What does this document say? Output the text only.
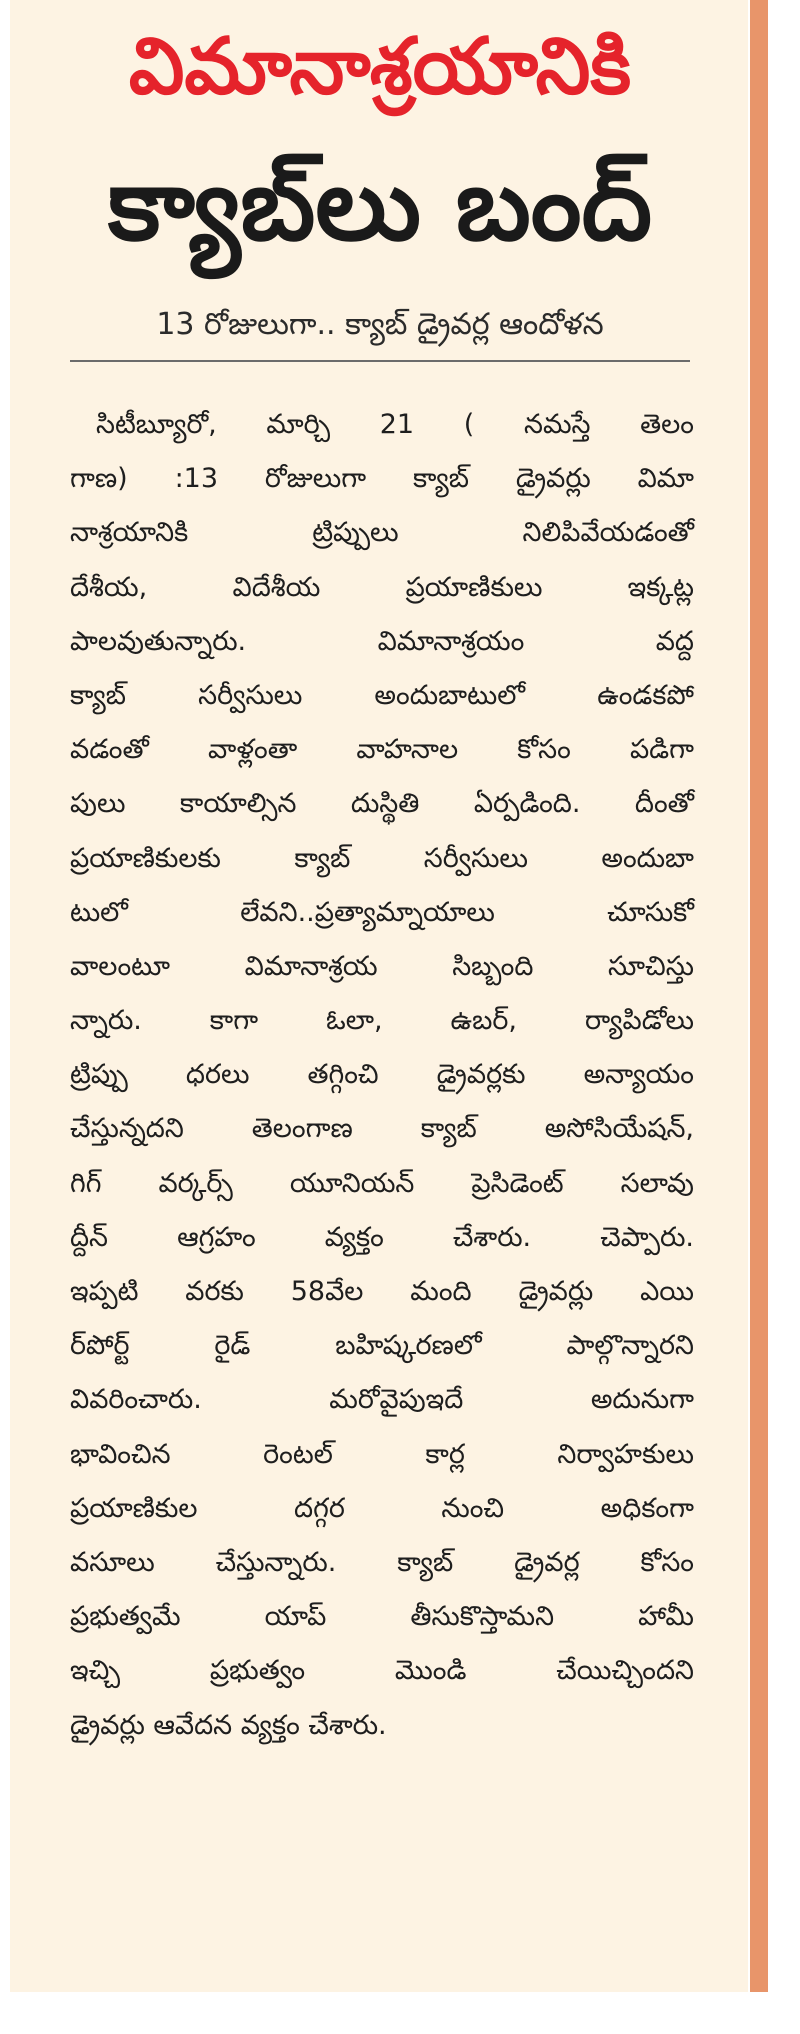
విమానాశ్రయానికి
క్యాబ్‌లు బంద్‌
13 రోజులుగా.. క్యాబ్‌ డ్రైవర్ల ఆందోళన
సిటీబ్యూరో, మార్చి 21 ( నమస్తే తెలం
గాణ) :13 రోజులుగా క్యాబ్‌ డ్రైవర్లు విమా
నాశ్రయానికి ట్రిప్పులు నిలిపివేయడంతో
దేశీయ, విదేశీయ ప్రయాణికులు ఇక్కట్ల
పాలవుతున్నారు. విమానాశ్రయం వద్ద
క్యాబ్‌ సర్వీసులు అందుబాటులో ఉండకపో
వడంతో వాళ్లంతా వాహనాల కోసం పడిగా
పులు కాయాల్సిన దుస్థితి ఏర్పడింది. దీంతో
ప్రయాణికులకు క్యాబ్‌ సర్వీసులు అందుబా
టులో లేవని..ప్రత్యామ్నాయాలు చూసుకో
వాలంటూ విమానాశ్రయ సిబ్బంది సూచిస్తు
న్నారు. కాగా ఓలా, ఉబర్‌, ర్యాపిడోలు
ట్రిప్పు ధరలు తగ్గించి డ్రైవర్లకు అన్యాయం
చేస్తున్నదని తెలంగాణ క్యాబ్‌ అసోసియేషన్‌,
గిగ్‌ వర్కర్స్‌ యూనియన్‌ ప్రెసిడెంట్‌ సలావు
ద్దీన్‌ ఆగ్రహం వ్యక్తం చేశారు. చెప్పారు.
ఇప్పటి వరకు 58వేల మంది డ్రైవర్లు ఎయి
ర్‌పోర్ట్‌ రైడ్‌ బహిష్కరణలో పాల్గొన్నారని
వివరించారు. మరోవైపుఇదే అదునుగా
భావించిన రెంటల్‌ కార్ల నిర్వాహకులు
ప్రయాణికుల దగ్గర నుంచి అధికంగా
వసూలు చేస్తున్నారు. క్యాబ్‌ డ్రైవర్ల కోసం
ప్రభుత్వమే యాప్‌ తీసుకొస్తామని హామీ
ఇచ్చి ప్రభుత్వం మొండి చేయిచ్చిందని
డ్రైవర్లు ఆవేదన వ్యక్తం చేశారు.
